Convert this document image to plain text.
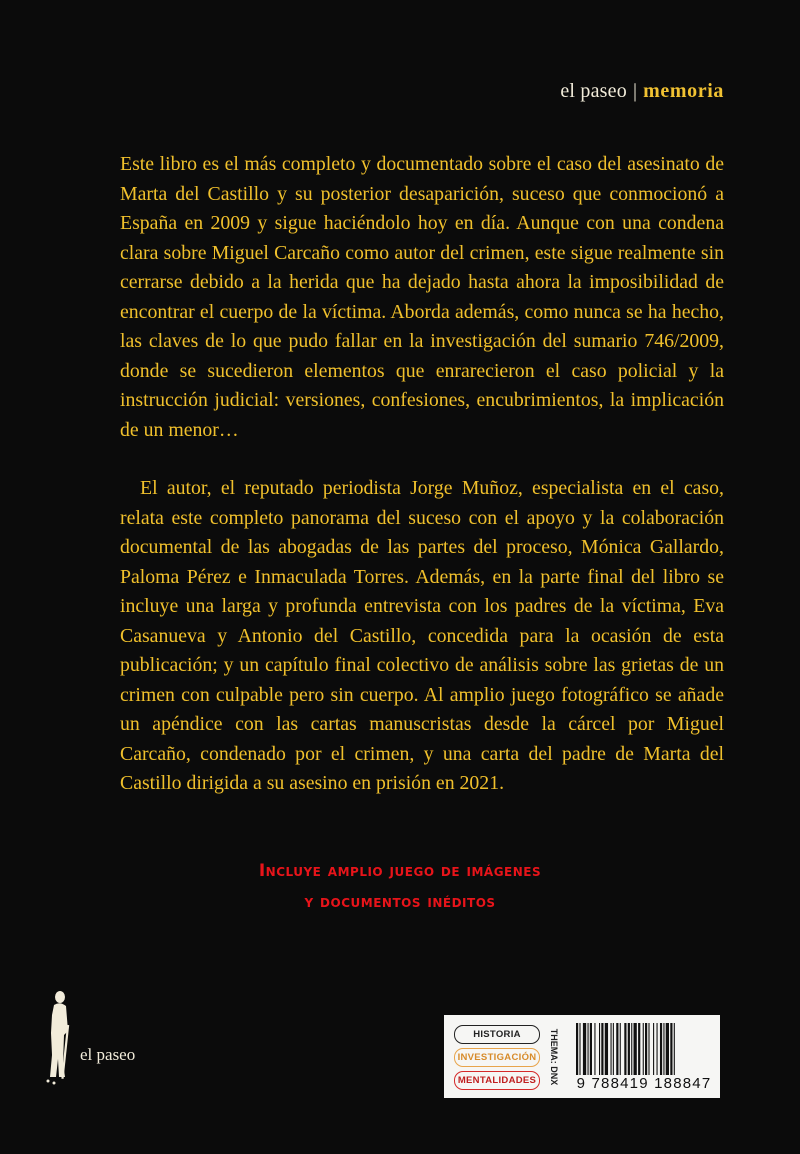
el paseo | memoria

Este libro es el más completo y documentado sobre el caso del asesinato de Marta del Castillo y su posterior desaparición, suceso que conmocionó a España en 2009 y sigue haciéndolo hoy en día. Aunque con una condena clara sobre Miguel Carcaño como autor del crimen, este sigue realmente sin cerrarse debido a la herida que ha dejado hasta ahora la imposibilidad de encontrar el cuerpo de la víctima. Aborda además, como nunca se ha hecho, las claves de lo que pudo fallar en la investigación del sumario 746/2009, donde se sucedieron elementos que enrarecieron el caso policial y la instrucción judicial: versiones, confesiones, encubrimientos, la implicación de un menor…

El autor, el reputado periodista Jorge Muñoz, especialista en el caso, relata este completo panorama del suceso con el apoyo y la colaboración documental de las abogadas de las partes del proceso, Mónica Gallardo, Paloma Pérez e Inmaculada Torres. Además, en la parte final del libro se incluye una larga y profunda entrevista con los padres de la víctima, Eva Casanueva y Antonio del Castillo, concedida para la ocasión de esta publicación; y un capítulo final colectivo de análisis sobre las grietas de un crimen con culpable pero sin cuerpo. Al amplio juego fotográfico se añade un apéndice con las cartas manuscristas desde la cárcel por Miguel Carcaño, condenado por el crimen, y una carta del padre de Marta del Castillo dirigida a su asesino en prisión en 2021.

Incluye amplio juego de imágenes
y documentos inéditos
el paseo
HISTORIA
INVESTIGACIÓN
MENTALIDADES	THEMA: DNX 9 788419 188847
